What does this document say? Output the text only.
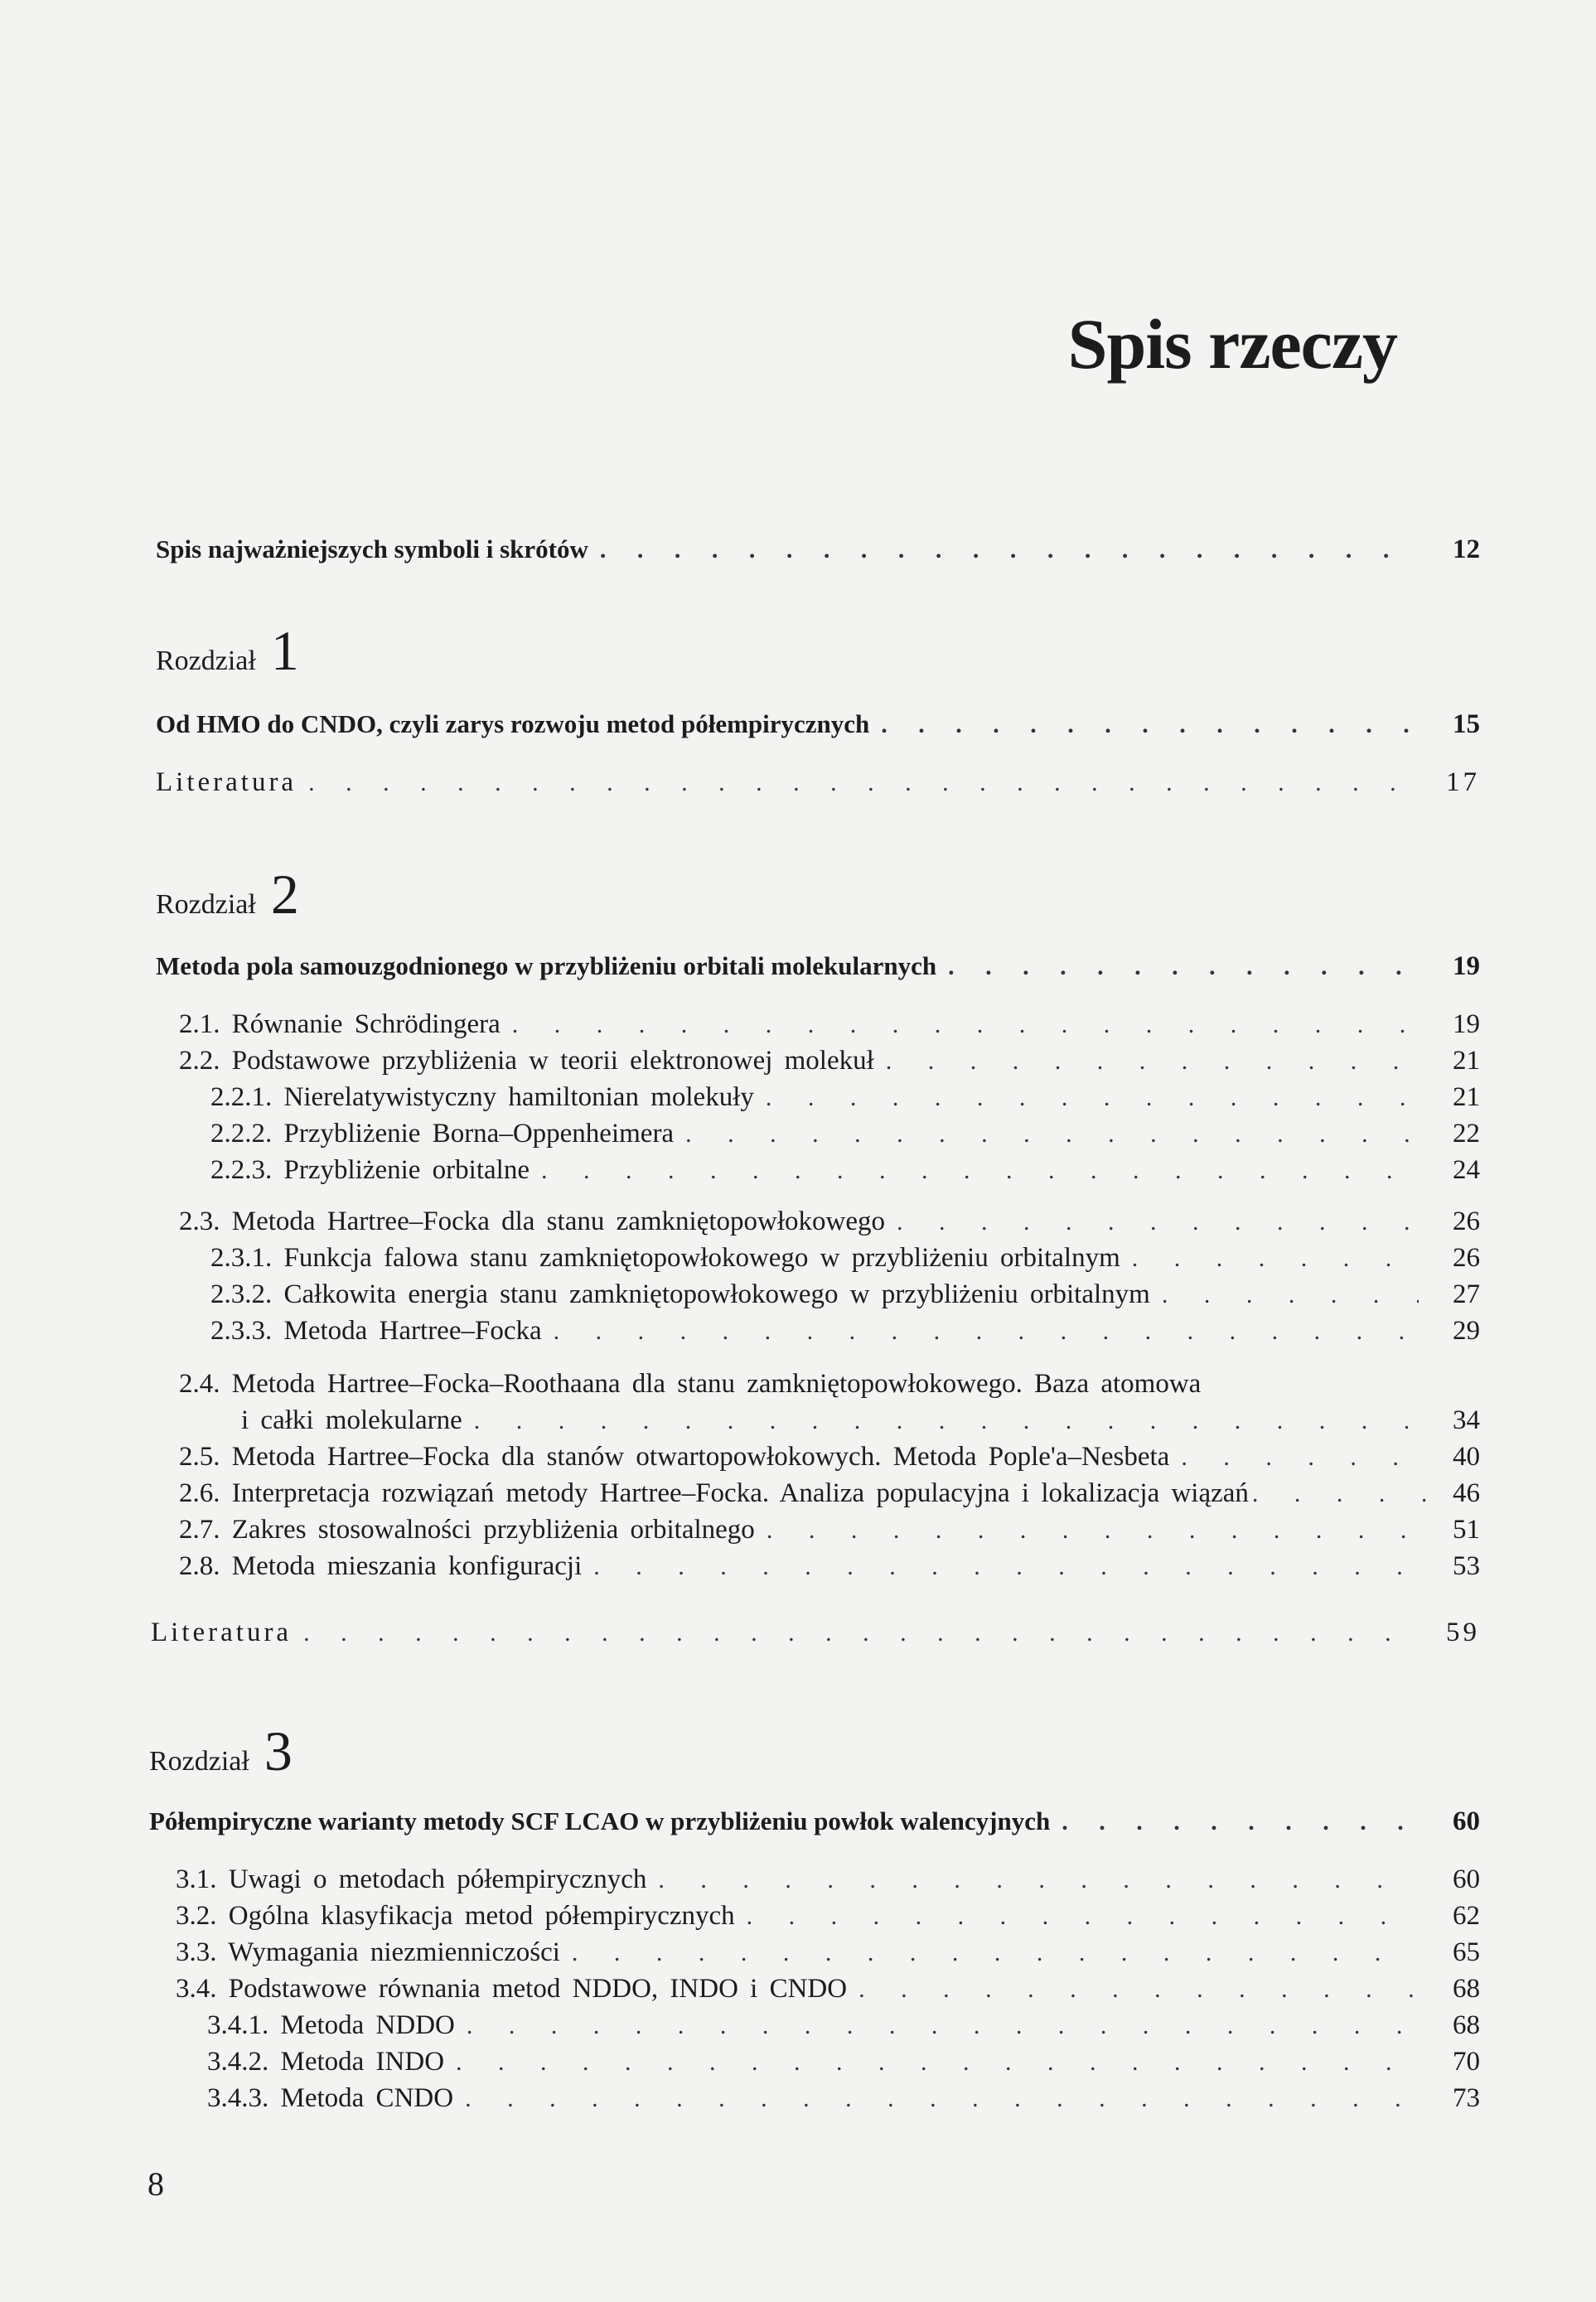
Spis rzeczy
Spis najważniejszych symboli i skrótów . . .	12
Rozdział 1
Od HMO do CNDO, czyli zarys rozwoju metod półempirycznych . . .	15
Literatura . . .	17
Rozdział 2
Metoda pola samouzgodnionego w przybliżeniu orbitali molekularnych . . .	19
2.1. Równanie Schrödingera . . .	19
2.2. Podstawowe przybliżenia w teorii elektronowej molekuł . . .	21
2.2.1. Nierelatywistyczny hamiltonian molekuły . . .	21
2.2.2. Przybliżenie Borna–Oppenheimera . . .	22
2.2.3. Przybliżenie orbitalne . . .	24
2.3. Metoda Hartree–Focka dla stanu zamkniętopowłokowego . . .	26
2.3.1. Funkcja falowa stanu zamkniętopowłokowego w przybliżeniu orbitalnym . . .	26
2.3.2. Całkowita energia stanu zamkniętopowłokowego w przybliżeniu orbitalnym . . .	27
2.3.3. Metoda Hartree–Focka . . .	29
2.4. Metoda Hartree–Focka–Roothaana dla stanu zamkniętopowłokowego. Baza atomowa
i całki molekularne . . .	34
2.5. Metoda Hartree–Focka dla stanów otwartopowłokowych. Metoda Pople'a–Nesbeta . . .	40
2.6. Interpretacja rozwiązań metody Hartree–Focka. Analiza populacyjna i lokalizacja wiązań . . .	46
2.7. Zakres stosowalności przybliżenia orbitalnego . . .	51
2.8. Metoda mieszania konfiguracji . . .	53
Literatura . . .	59
Rozdział 3
Półempiryczne warianty metody SCF LCAO w przybliżeniu powłok walencyjnych . . .	60
3.1. Uwagi o metodach półempirycznych . . .	60
3.2. Ogólna klasyfikacja metod półempirycznych . . .	62
3.3. Wymagania niezmienniczości . . .	65
3.4. Podstawowe równania metod NDDO, INDO i CNDO . . .	68
3.4.1. Metoda NDDO . . .	68
3.4.2. Metoda INDO . . .	70
3.4.3. Metoda CNDO . . .	73
8
